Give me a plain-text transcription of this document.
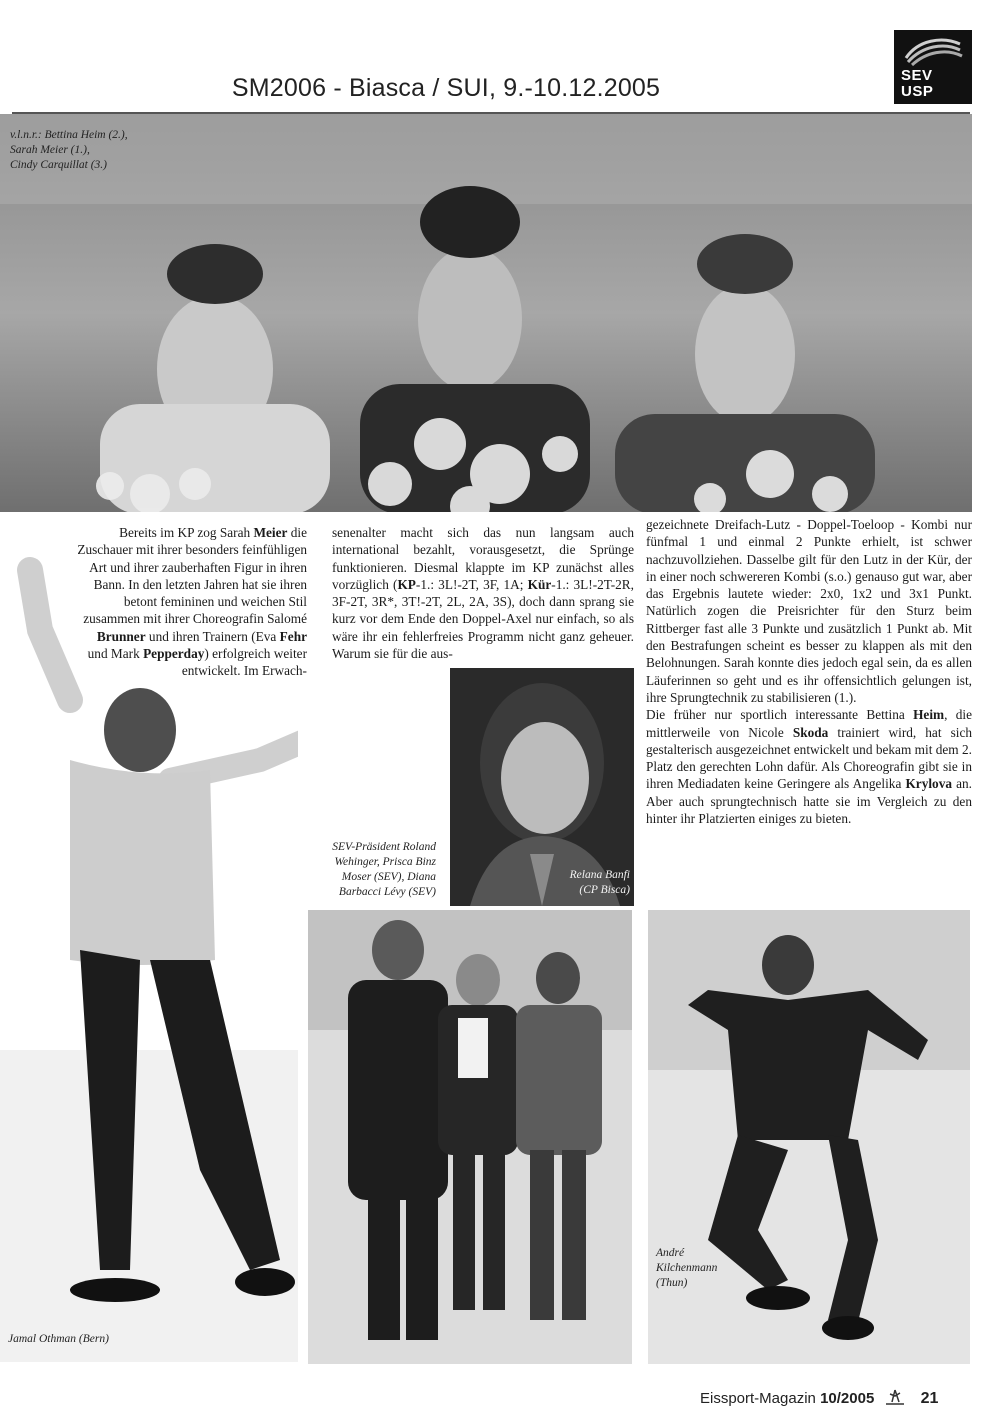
SEV
USP
SM2006 - Biasca / SUI, 9.-10.12.2005
v.l.n.r.: Bettina Heim (2.),
Sarah Meier (1.),
Cindy Carquillat (3.)

Bereits im KP zog Sarah Meier die Zuschauer mit ihrer besonders feinfühligen Art und ihrer zauberhaften Figur in ihren Bann. In den letzten Jahren hat sie ihren betont femininen und weichen Stil zusammen mit ihrer Choreografin Salomé Brunner und ihren Trainern (Eva Fehr und Mark Pepperday) erfolgreich weiter entwickelt. Im Erwach-

senenalter macht sich das nun langsam auch international bezahlt, vorausgesetzt, die Sprünge funktionieren. Diesmal klappte im KP zunächst alles vorzüglich (KP-1.: 3L!-2T, 3F, 1A; Kür-1.: 3L!-2T-2R, 3F-2T, 3R*, 3T!-2T, 2L, 2A, 3S), doch dann sprang sie kurz vor dem Ende den Doppel-Axel nur einfach, so als wäre ihr ein fehlerfreies Programm nicht ganz geheuer. Warum sie für die aus-

Relana Banfi
(CP Bisca)
SEV-Präsident Roland
Wehinger, Prisca Binz
Moser (SEV), Diana
Barbacci Lévy (SEV)

gezeichnete Dreifach-Lutz - Doppel-Toeloop - Kombi nur fünfmal 1 und einmal 2 Punkte erhielt, ist schwer nachzuvollziehen. Dasselbe gilt für den Lutz in der Kür, der in einer noch schwereren Kombi (s.o.) genauso gut war, aber das Ergebnis lautete wieder: 2x0, 1x2 und 3x1 Punkt. Natürlich zogen die Preisrichter für den Sturz beim Rittberger fast alle 3 Punkte und zusätzlich 1 Punkt ab. Mit den Bestrafungen scheint es besser zu klappen als mit den Belohnungen. Sarah konnte dies jedoch egal sein, da es allen Läuferinnen so geht und es ihr offensichtlich gelungen ist, ihre Sprungtechnik zu stabilisieren (1.).

Die früher nur sportlich interessante Bettina Heim, die mittlerweile von Nicole Skoda trainiert wird, hat sich gestalterisch ausgezeichnet entwickelt und bekam mit dem 2. Platz den gerechten Lohn dafür. Als Choreografin gibt sie in ihren Mediadaten keine Geringere als Angelika Krylova an. Aber auch sprungtechnisch hatte sie im Vergleich zu den hinter ihr Platzierten einiges zu bieten.

André
Kilchenmann
(Thun)
Jamal Othman (Bern)
Eissport-Magazin 10/2005	21
